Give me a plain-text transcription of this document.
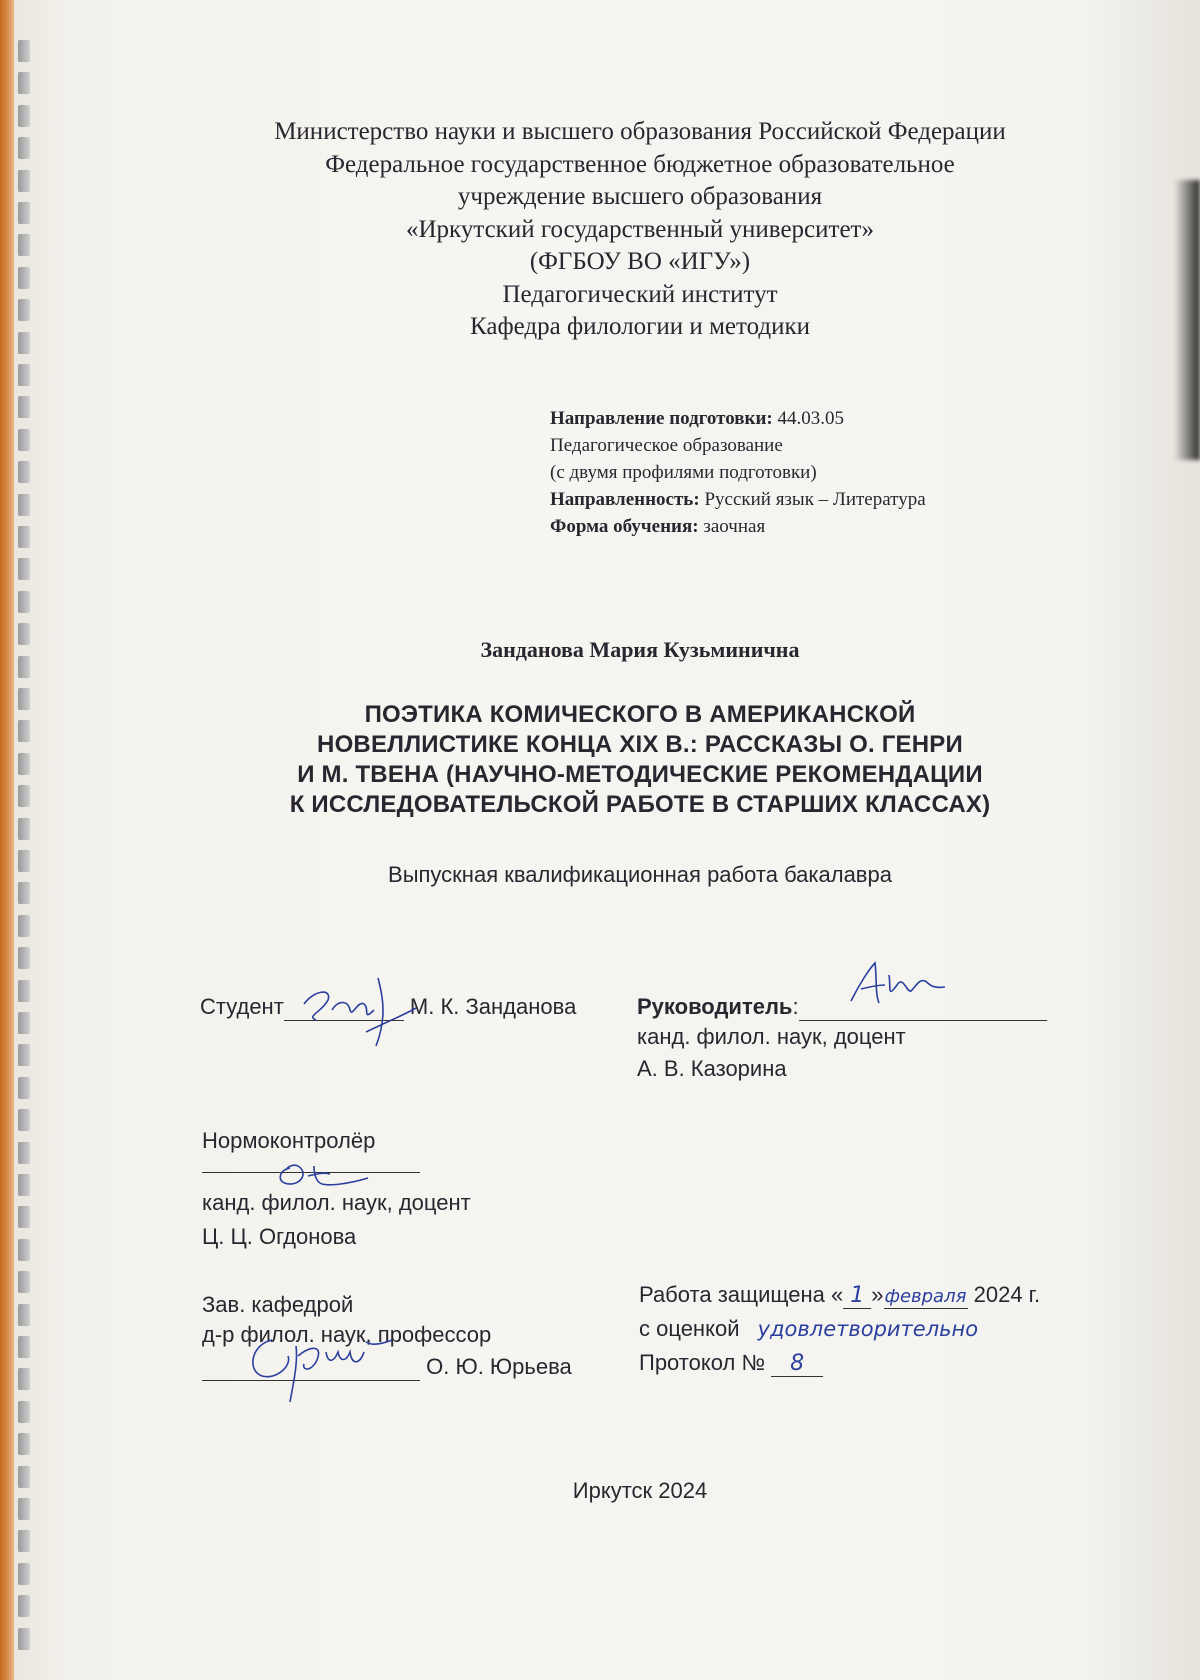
Министерство науки и высшего образования Российской Федерации
Федеральное государственное бюджетное образовательное
учреждение высшего образования
«Иркутский государственный университет»
(ФГБОУ ВО «ИГУ»)
Педагогический институт
Кафедра филологии и методики
Направление подготовки: 44.03.05
Педагогическое образование
(с двумя профилями подготовки)
Направленность: Русский язык – Литература
Форма обучения: заочная
Занданова Мария Кузьминична
ПОЭТИКА КОМИЧЕСКОГО В АМЕРИКАНСКОЙ
НОВЕЛЛИСТИКЕ КОНЦА XIX В.: РАССКАЗЫ О. ГЕНРИ
И М. ТВЕНА (НАУЧНО-МЕТОДИЧЕСКИЕ РЕКОМЕНДАЦИИ
К ИССЛЕДОВАТЕЛЬСКОЙ РАБОТЕ В СТАРШИХ КЛАССАХ)
Выпускная квалификационная работа бакалавра
Студент	М. К. Занданова	Руководитель:
канд. филол. наук, доцент
А. В. Казорина
Нормоконтролёр
канд. филол. наук, доцент
Ц. Ц. Огдонова
Зав. кафедрой
д-р филол. наук, профессор
О. Ю. Юрьева
Работа защищена « 1 »февраля 2024 г.
с оценкой удовлетворительно
Протокол № 8
Иркутск 2024
